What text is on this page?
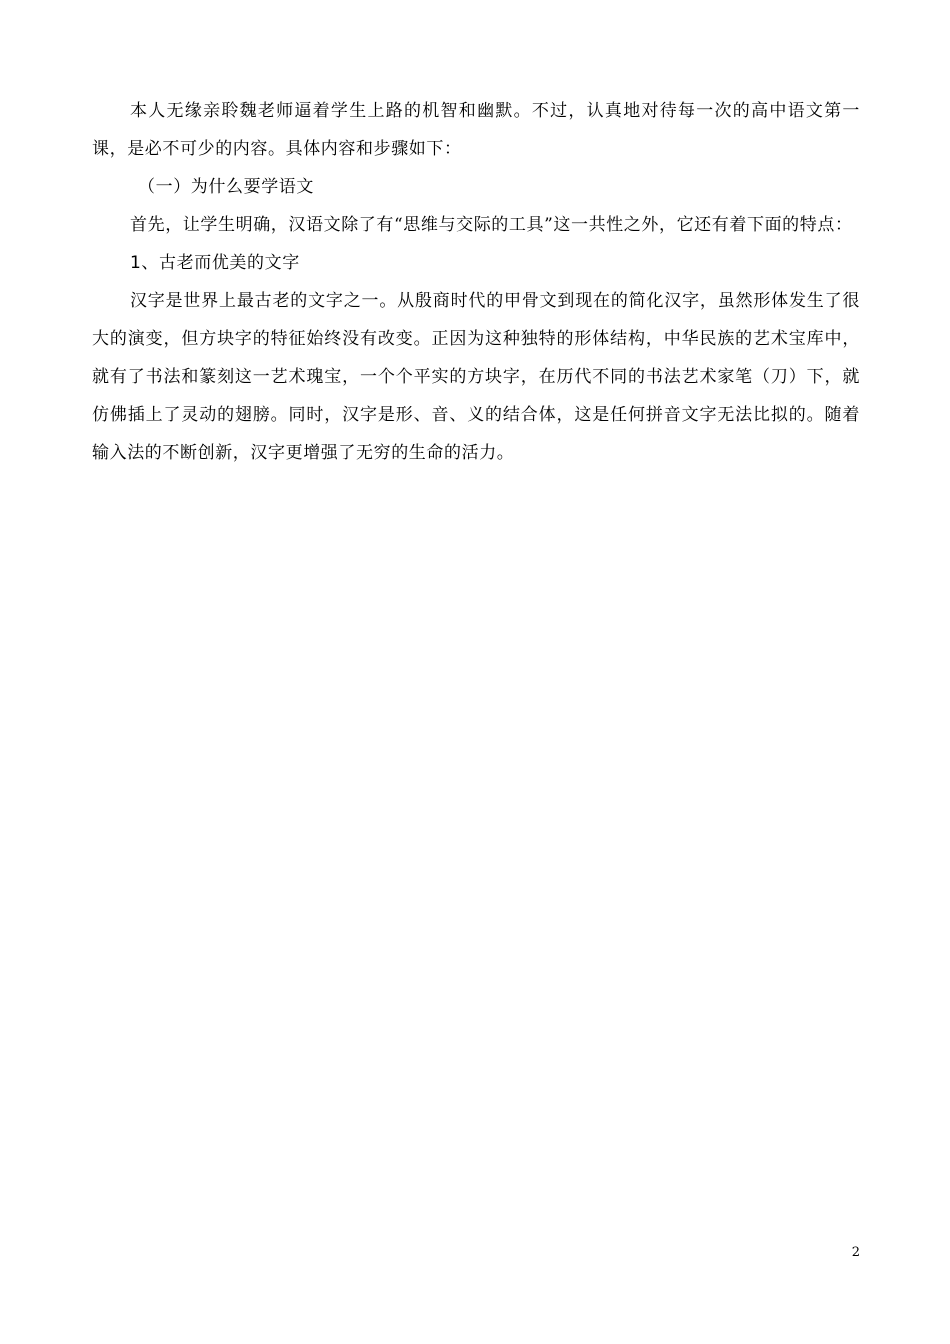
本人无缘亲聆魏老师逼着学生上路的机智和幽默。不过，认真地对待每一次的高中语文第一课，是必不可少的内容。具体内容和步骤如下：

（一）为什么要学语文

首先，让学生明确，汉语文除了有“思维与交际的工具”这一共性之外，它还有着下面的特点：

1、古老而优美的文字

汉字是世界上最古老的文字之一。从殷商时代的甲骨文到现在的简化汉字，虽然形体发生了很大的演变，但方块字的特征始终没有改变。正因为这种独特的形体结构，中华民族的艺术宝库中，就有了书法和篆刻这一艺术瑰宝，一个个平实的方块字，在历代不同的书法艺术家笔（刀）下，就仿佛插上了灵动的翅膀。同时，汉字是形、音、义的结合体，这是任何拼音文字无法比拟的。随着输入法的不断创新，汉字更增强了无穷的生命的活力。

2
